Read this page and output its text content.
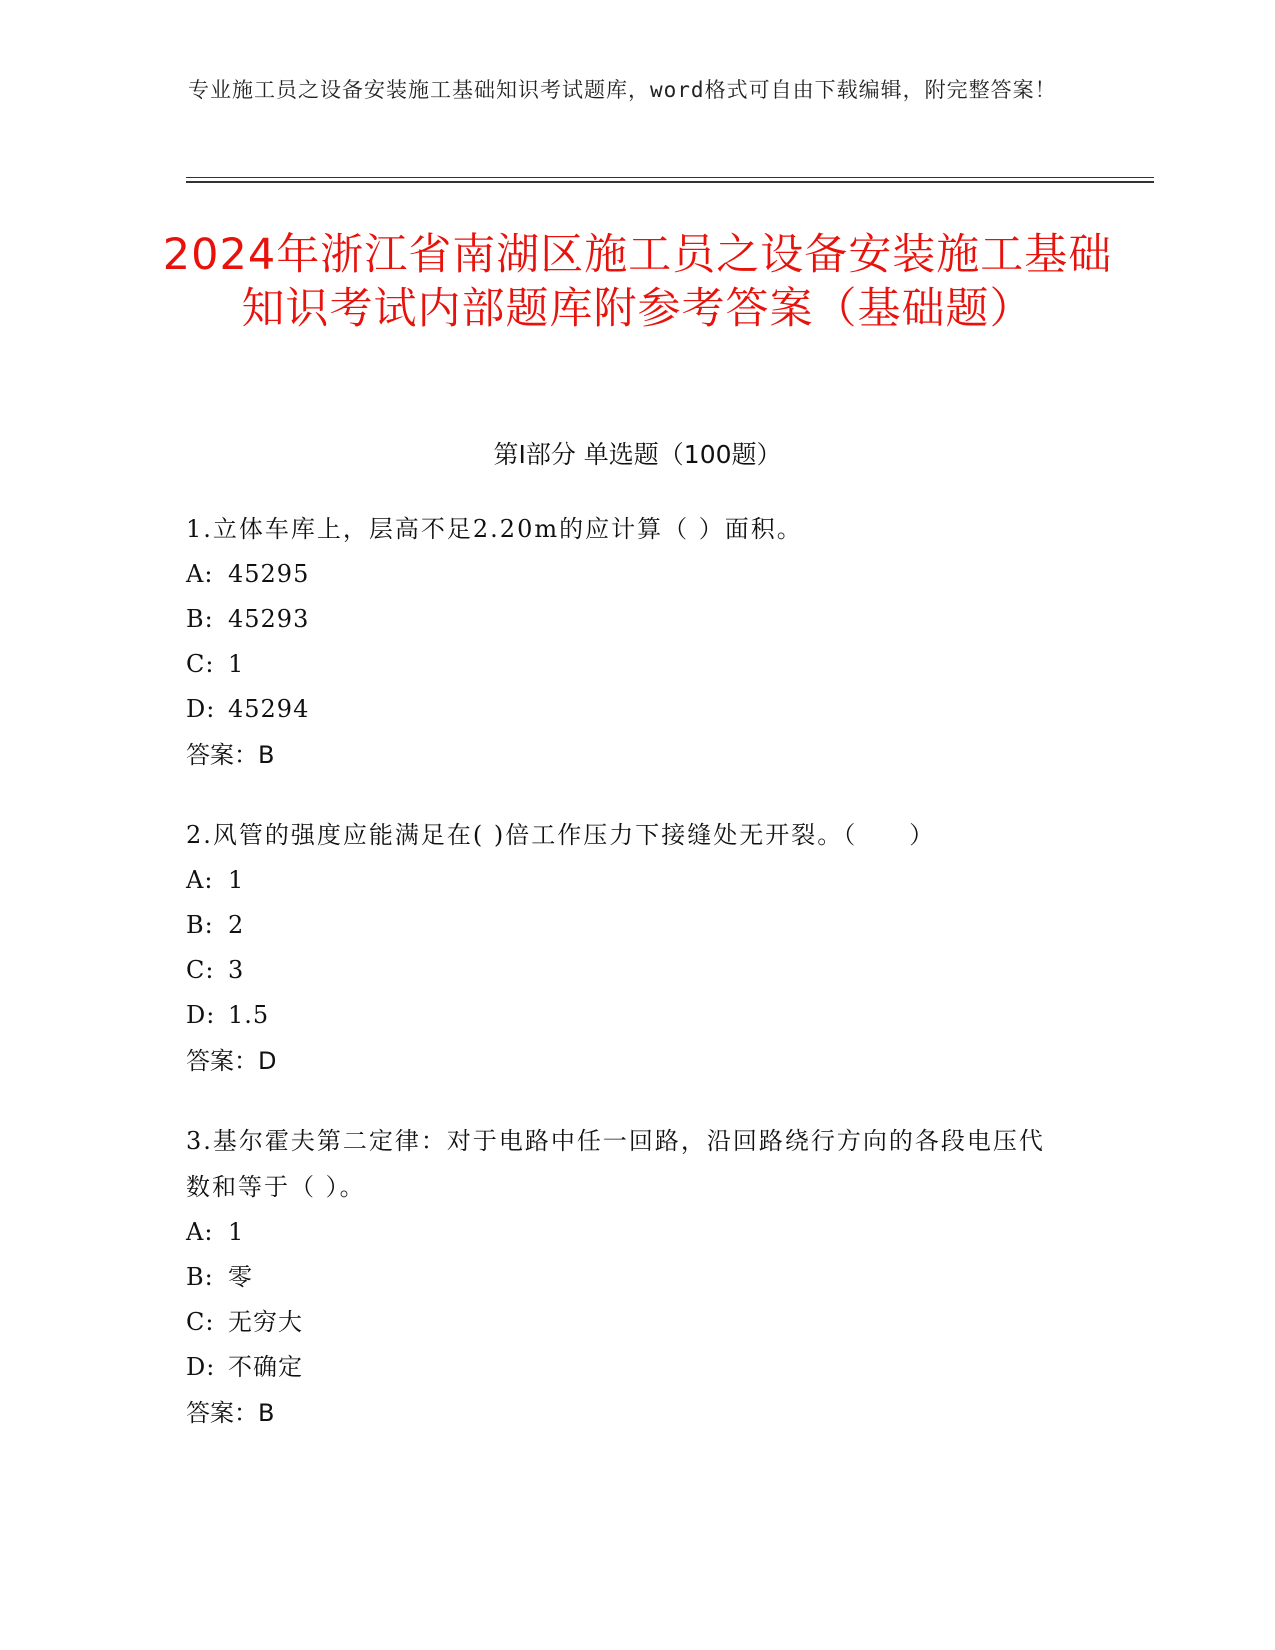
专业施工员之设备安装施工基础知识考试题库，word格式可自由下载编辑，附完整答案！
2024年浙江省南湖区施工员之设备安装施工基础知识考试内部题库附参考答案（基础题）
第Ⅰ部分 单选题（100题）
1.立体车库上，层高不足2.20m的应计算（ ）面积。
A: 45295
B: 45293
C: 1
D: 45294
答案：B
2.风管的强度应能满足在( )倍工作压力下接缝处无开裂。（　　）
A: 1
B: 2
C: 3
D: 1.5
答案：D
3.基尔霍夫第二定律：对于电路中任一回路，沿回路绕行方向的各段电压代数和等于（ ）。
A: 1
B: 零
C: 无穷大
D: 不确定
答案：B
